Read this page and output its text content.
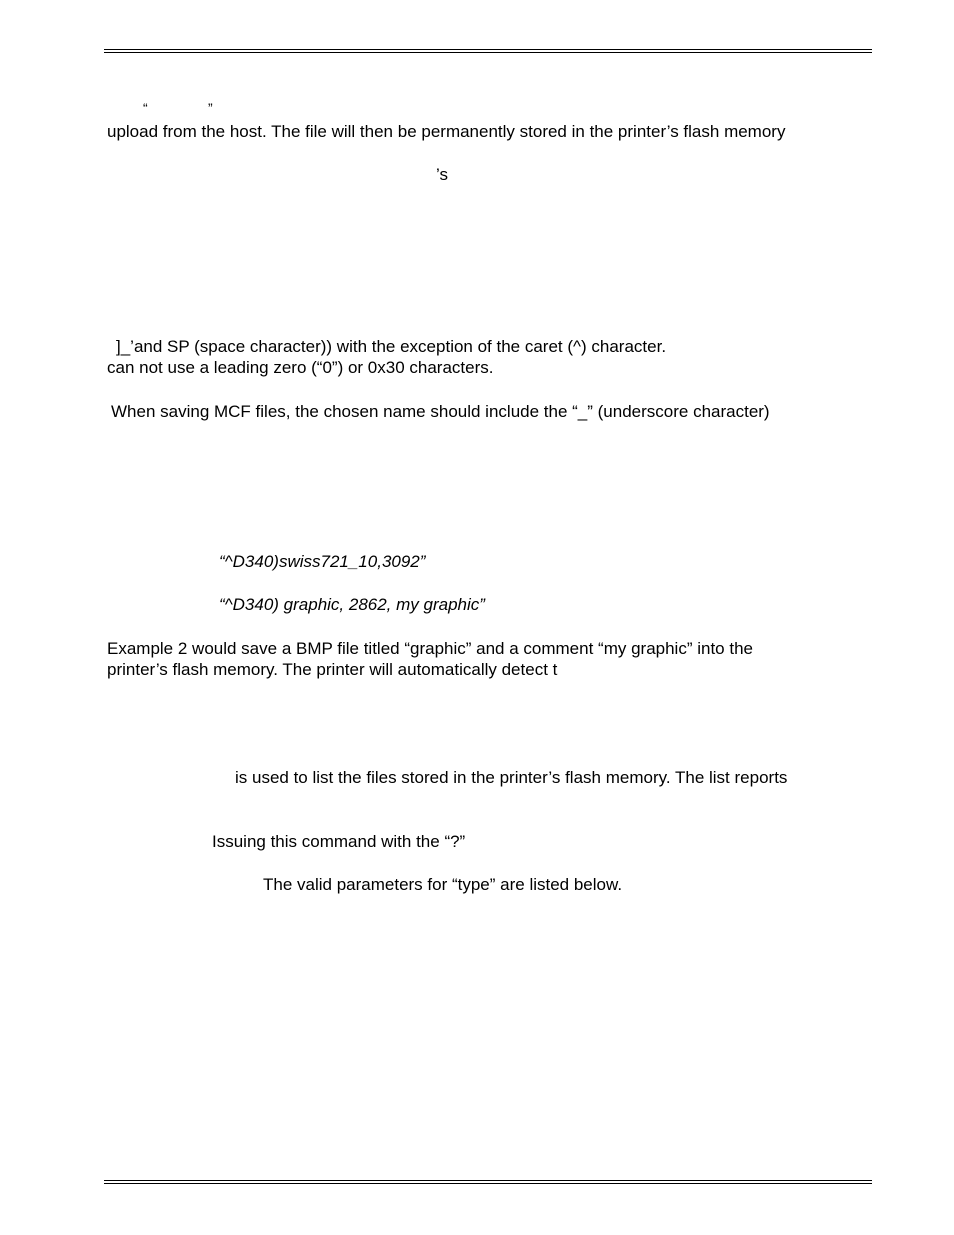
“	”
upload from the host. The file will then be permanently stored in the printer’s flash memory
’s
]_’and SP (space character)) with the exception of the caret (^) character.
can not use a leading zero (“0”) or 0x30 characters.
When saving MCF files, the chosen name should include the “_” (underscore character)
“^D340)swiss721_10,3092”
“^D340) graphic, 2862, my graphic”
Example 2 would save a BMP file titled “graphic” and a comment “my graphic” into the
printer’s flash memory. The printer will automatically detect t
is used to list the files stored in the printer’s flash memory. The list reports
Issuing this command with the “?”
The valid parameters for “type” are listed below.
